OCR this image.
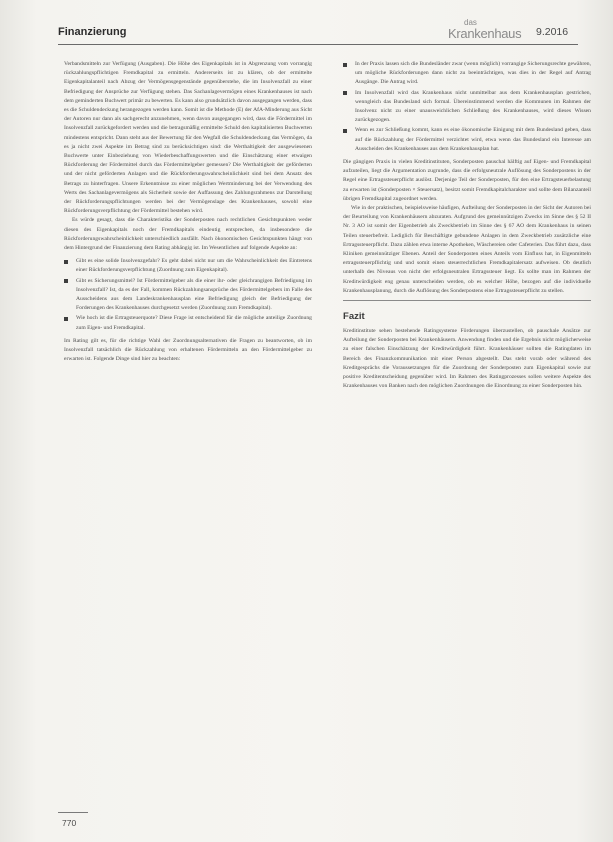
Finanzierung
das
Krankenhaus 9.2016

Verbandsmitteln zur Verfügung (Ausgaben). Die Höhe des Eigenkapitals ist in Abgrenzung vom vorrangig rückzahlungspflichtigen Fremdkapital zu ermitteln. Andererseits ist zu klären, ob der ermittelte Eigenkapitalanteil nach Abzug der Vermögensgegenstände gegenüberstehe, die im Insolvenzfall zu einer Befriedigung der Ansprüche zur Verfügung stehen. Das Sachanlagevermögen eines Krankenhauses ist nach dem geminderten Buchwert primär zu bewerten. Es kann also grundsätzlich davon ausgegangen werden, dass es die Schuldendeckung herangezogen werden kann. Somit ist die Methode (E) der AfA-Minderung aus Sicht der Autoren nur dann als sachgerecht anzunehmen, wenn davon ausgegangen wird, dass die Fördermittel im Insolvenzfall zurückgefordert werden und die betragsmäßig ermittelte Schuld den kapitalisierten Buchwerten mindestens entspricht. Dann steht aus der Bewertung für den Wegfall die Schuldendeckung das Vermögen, da es ja nicht zwei Aspekte im Betrag sind zu berücksichtigen sind: die Werthaltigkeit der ausgewiesenen Buchwerte unter Einbeziehung von Wiederbeschaffungswerten und die Einschätzung einer etwaigen Rückforderung der Fördermittel durch das Fördermittelgeber gemessen? Die Werthaltigkeit der geförderten und der nicht geförderten Anlagen und die Rückforderungswahrscheinlichkeit sind bei dem Ansatz des Betrags zu hinterfragen. Unsere Erkenntnisse zu einer möglichen Wertminderung bei der Verwendung des Werts des Sachanlagevermögens als Sicherheit sowie der Auffassung des Zahlungsrahmens zur Darstellung der Rückforderungspflichtungen werden bei der Vermögenslage des Krankenhauses, sowohl eine Rückforderungsverpflichtung der Fördermittel bestehen wird.

Es würde gesagt, dass die Charakteristika der Sonderposten nach rechtlichen Gesichtspunkten weder diesen des Eigenkapitals noch der Fremdkapitals eindeutig entsprechen, da insbesondere die Rückforderungswahrscheinlichkeit unterschiedlich ausfällt. Nach ökonomischen Gesichtspunkten hängt von dem Hintergrund der Finanzierung dem Rating abhängig ist. Im Wesentlichen auf folgende Aspekte an:

Gibt es eine solide Insolvenzgefahr? Es geht dabei nicht nur um die Wahrscheinlichkeit des Eintretens einer Rückforderungsverpflichtung (Zuordnung zum Eigenkapital).
Gibt es Sicherungsmittel? Ist Fördermittelgeber als die einer ihr- oder gleichrangigen Befriedigung im Insolvenzfall? Ist, da es der Fall, kommen Rückzahlungsansprüche des Fördermittelgebers im Falle des Ausscheidens aus dem Landeskrankenhausplan eine Befriedigung gleich der Befriedigung der Forderungen des Krankenhauses durchgesetzt werden (Zuordnung zum Fremdkapital).
Wie hoch ist die Ertragsteuerquote? Diese Frage ist entscheidend für die mögliche anteilige Zuordnung zum Eigen- und Fremdkapital.

Im Rating gilt es, für die richtige Wahl der Zuordnungsalternativen die Fragen zu beantworten, ob im Insolvenzfall tatsächlich die Rückzahlung von erhaltenen Fördermitteln an den Fördermittelgeber zu erwarten ist. Folgende Dinge sind hier zu beachten:

In der Praxis lassen sich die Bundesländer zwar (wenn möglich) vorrangige Sicherungsrechte gewähren, um mögliche Rückforderungen dann nicht zu beeinträchtigen, was dies in der Regel auf Antrag Ausgänge. Die Antrag wird.
Im Insolvenzfall wird das Krankenhaus nicht unmittelbar aus dem Krankenhausplan gestrichen, wenngleich das Bundesland sich formal. Übereinstimmend werden die Kommunen im Rahmen der Insolvenz nicht zu einer unausweichlichen Schließung des Krankenhauses, wird dieses Wissen zurückgezogen.
Wenn es zur Schließung kommt, kann es eine ökonomische Einigung mit dem Bundesland geben, dass auf die Rückzahlung der Fördermittel verzichtet wird, etwa wenn das Bundesland ein Interesse am Ausscheiden des Krankenhauses aus dem Krankenhausplan hat.

Die gängigen Praxis in vielen Kreditinstituten, Sonderposten pauschal hälftig auf Eigen- und Fremdkapital aufzuteilen, liegt die Argumentation zugrunde, dass die erfolgsneutrale Auflösung des Sonderpostens in der Regel eine Ertragssteuerpflicht auslöst. Derjenige Teil der Sonderposten, für den eine Ertragsteuerbelastung zu erwarten ist (Sonderposten × Steuersatz), besitzt somit Fremdkapitalcharakter und sollte dem Bilanzanteil übrigen Fremdkapital zugeordnet werden.

Wie in der praktischen, beispielsweise häufigen, Aufteilung der Sonderposten in der Sicht der Autoren bei der Beurteilung von Krankenhäusern abzuraten. Aufgrund des gemeinnützigen Zwecks im Sinne des § 52 II Nr. 3 AO ist somit der Eigenbetrieb als Zweckbetrieb im Sinne des § 67 AO dem Krankenhaus in seinen Teilen steuerbefreit. Lediglich für Beschäftigte gebundene Anlagen in dem Zweckbetrieb zusätzliche eine Ertragssteuerpflicht. Dazu zählen etwa interne Apotheken, Wäschereien oder Cafeterien. Das führt dazu, dass Kliniken gemeinnütziger Ebenen. Anteil der Sonderposten eines Anteils vom Einfluss hat, in Eigenmitteln ertragssteuerpflichtig und und somit einen steuerrechtlichen Fremdkapitalersatz aufweisen. Ob deutlich unterhalb des Niveaus von nicht der erfolgsneutralen Ertragssteuer liegt. Es sollte man im Rahmen der Kreditwürdigkeit eng genau unterscheiden werden, ob es welcher Höhe, bezogen auf die individuelle Krankenhausplanung, durch die Auflösung des Sonderpostens eine Ertragssteuerpflicht zu stellen.

Fazit

Kreditinstitute sehen bestehende Ratingsysteme Förderungen überzustellen, ob pauschale Ansätze zur Aufteilung der Sonderposten bei Krankenhäusern. Anwendung finden und die Ergebnis nicht möglicherweise zu einer falschen Einschätzung der Kreditwürdigkeit führt. Krankenhäuser sollten die Ratingdaten im Bereich des Finanzkommunikation mit einer Person abgestellt. Das steht vorab oder während des Kreditgesprächs die Voraussetzungen für die Zuordnung der Sonderposten zum Eigenkapital sowie zur positive Kreditentscheidung gegenüber wird. Im Rahmen des Ratingprozesses sollen weitere Aspekte des Krankenhauses von Banken nach den möglichen Zuordnungen die Einordnung zu einer Sonderposten hin.

770
